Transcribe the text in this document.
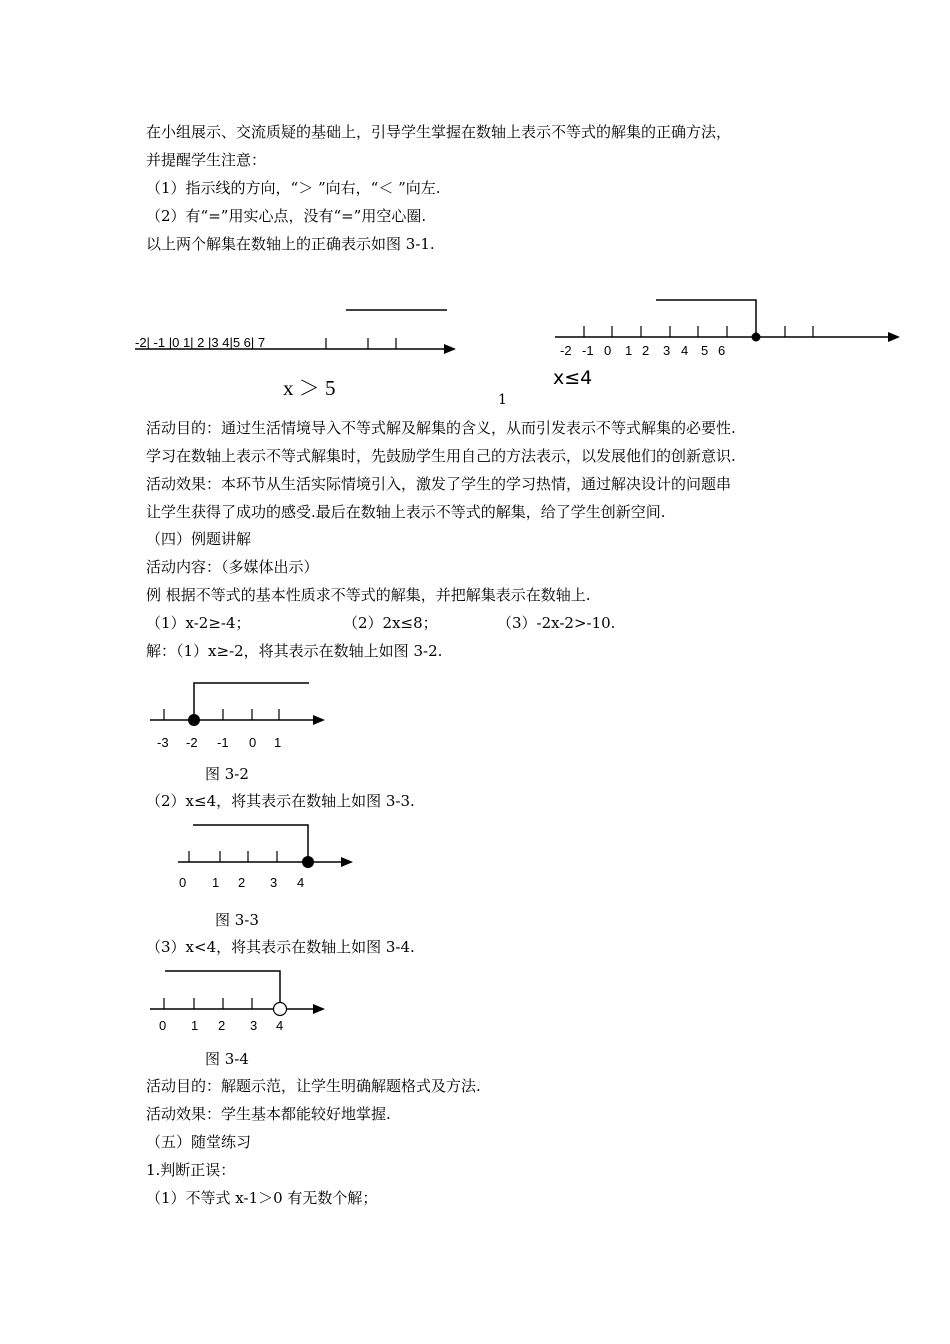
在小组展示、交流质疑的基础上，引导学生掌握在数轴上表示不等式的解集的正确方法，
并提醒学生注意：
（1）指示线的方向，“＞ ”向右，“＜ ”向左.
（2）有“=”用实心点，没有“=”用空心圈.
以上两个解集在数轴上的正确表示如图 3-1.
-2| -1 |0 1| 2 |3 4|5 6| 7
x ＞ 5	1
-2 -1 0 1 2 3 4 5 6
x≤4
活动目的：通过生活情境导入不等式解及解集的含义，从而引发表示不等式解集的必要性.
学习在数轴上表示不等式解集时，先鼓励学生用自己的方法表示，以发展他们的创新意识.
活动效果：本环节从生活实际情境引入，激发了学生的学习热情，通过解决设计的问题串
让学生获得了成功的感受.最后在数轴上表示不等式的解集，给了学生创新空间.
（四）例题讲解
活动内容：（多媒体出示）
例 根据不等式的基本性质求不等式的解集，并把解集表示在数轴上.
（1）x-2≥-4；	（2）2x≤8；	（3）-2x-2>-10.
解：（1）x≥-2，将其表示在数轴上如图 3-2.
-3 -2 -1 0 1
图 3-2
（2）x≤4，将其表示在数轴上如图 3-3.
0 1 2 3 4
图 3-3
（3）x<4，将其表示在数轴上如图 3-4.
0 1 2 3 4
图 3-4
活动目的：解题示范，让学生明确解题格式及方法.
活动效果：学生基本都能较好地掌握.
（五）随堂练习
1.判断正误：
（1）不等式 x-1＞0 有无数个解；
